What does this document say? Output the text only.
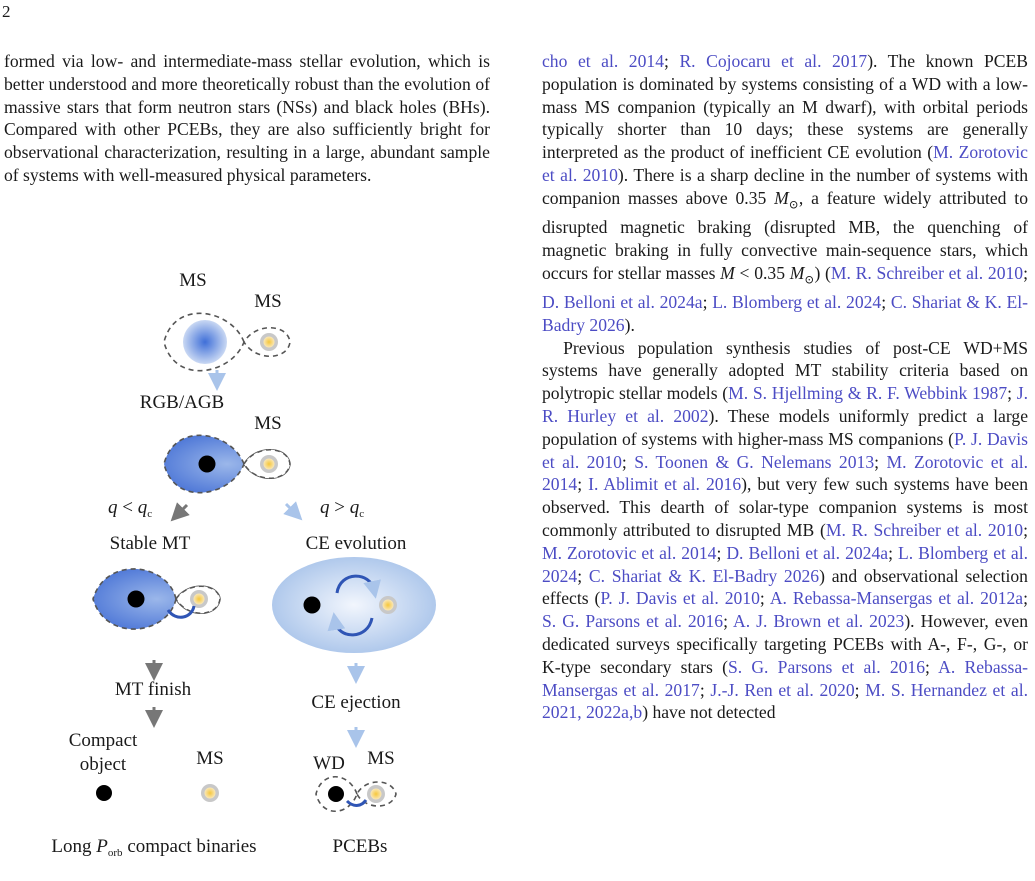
2

formed via low- and intermediate-mass stellar evolution, which is better understood and more theoretically robust than the evolution of massive stars that form neutron stars (NSs) and black holes (BHs). Compared with other PCEBs, they are also sufficiently bright for observational characterization, resulting in a large, abundant sample of systems with well-measured physical parameters.

MS
MS
RGB/AGB
MS
$q < q_c$	$q > q_c$
Stable MT
MT finish
Compact
object	MS
Long $P_{orb}$ compact binaries
CE evolution
CE ejection
WD MS
PCEBs

cho et al. 2014; R. Cojocaru et al. 2017). The known PCEB population is dominated by systems consisting of a WD with a low-mass MS companion (typically an M dwarf), with orbital periods typically shorter than 10 days; these systems are generally interpreted as the product of inefficient CE evolution (M. Zorotovic et al. 2010). There is a sharp decline in the number of systems with companion masses above 0.35 $M_⊙$, a feature widely attributed to disrupted magnetic braking (disrupted MB, the quenching of magnetic braking in fully convective main-sequence stars, which occurs for stellar masses M < 0.35 $M_⊙$) (M. R. Schreiber et al. 2010; D. Belloni et al. 2024a; L. Blomberg et al. 2024; C. Shariat & K. El-Badry 2026).

Previous population synthesis studies of post-CE WD+MS systems have generally adopted MT stability criteria based on polytropic stellar models (M. S. Hjellming & R. F. Webbink 1987; J. R. Hurley et al. 2002). These models uniformly predict a large population of systems with higher-mass MS companions (P. J. Davis et al. 2010; S. Toonen & G. Nelemans 2013; M. Zorotovic et al. 2014; I. Ablimit et al. 2016), but very few such systems have been observed. This dearth of solar-type companion systems is most commonly attributed to disrupted MB (M. R. Schreiber et al. 2010; M. Zorotovic et al. 2014; D. Belloni et al. 2024a; L. Blomberg et al. 2024; C. Shariat & K. El-Badry 2026) and observational selection effects (P. J. Davis et al. 2010; A. Rebassa-Mansergas et al. 2012a; S. G. Parsons et al. 2016; A. J. Brown et al. 2023). However, even dedicated surveys specifically targeting PCEBs with A-, F-, G-, or K-type secondary stars (S. G. Parsons et al. 2016; A. Rebassa-Mansergas et al. 2017; J.-J. Ren et al. 2020; M. S. Hernandez et al. 2021, 2022a,b) have not detected
